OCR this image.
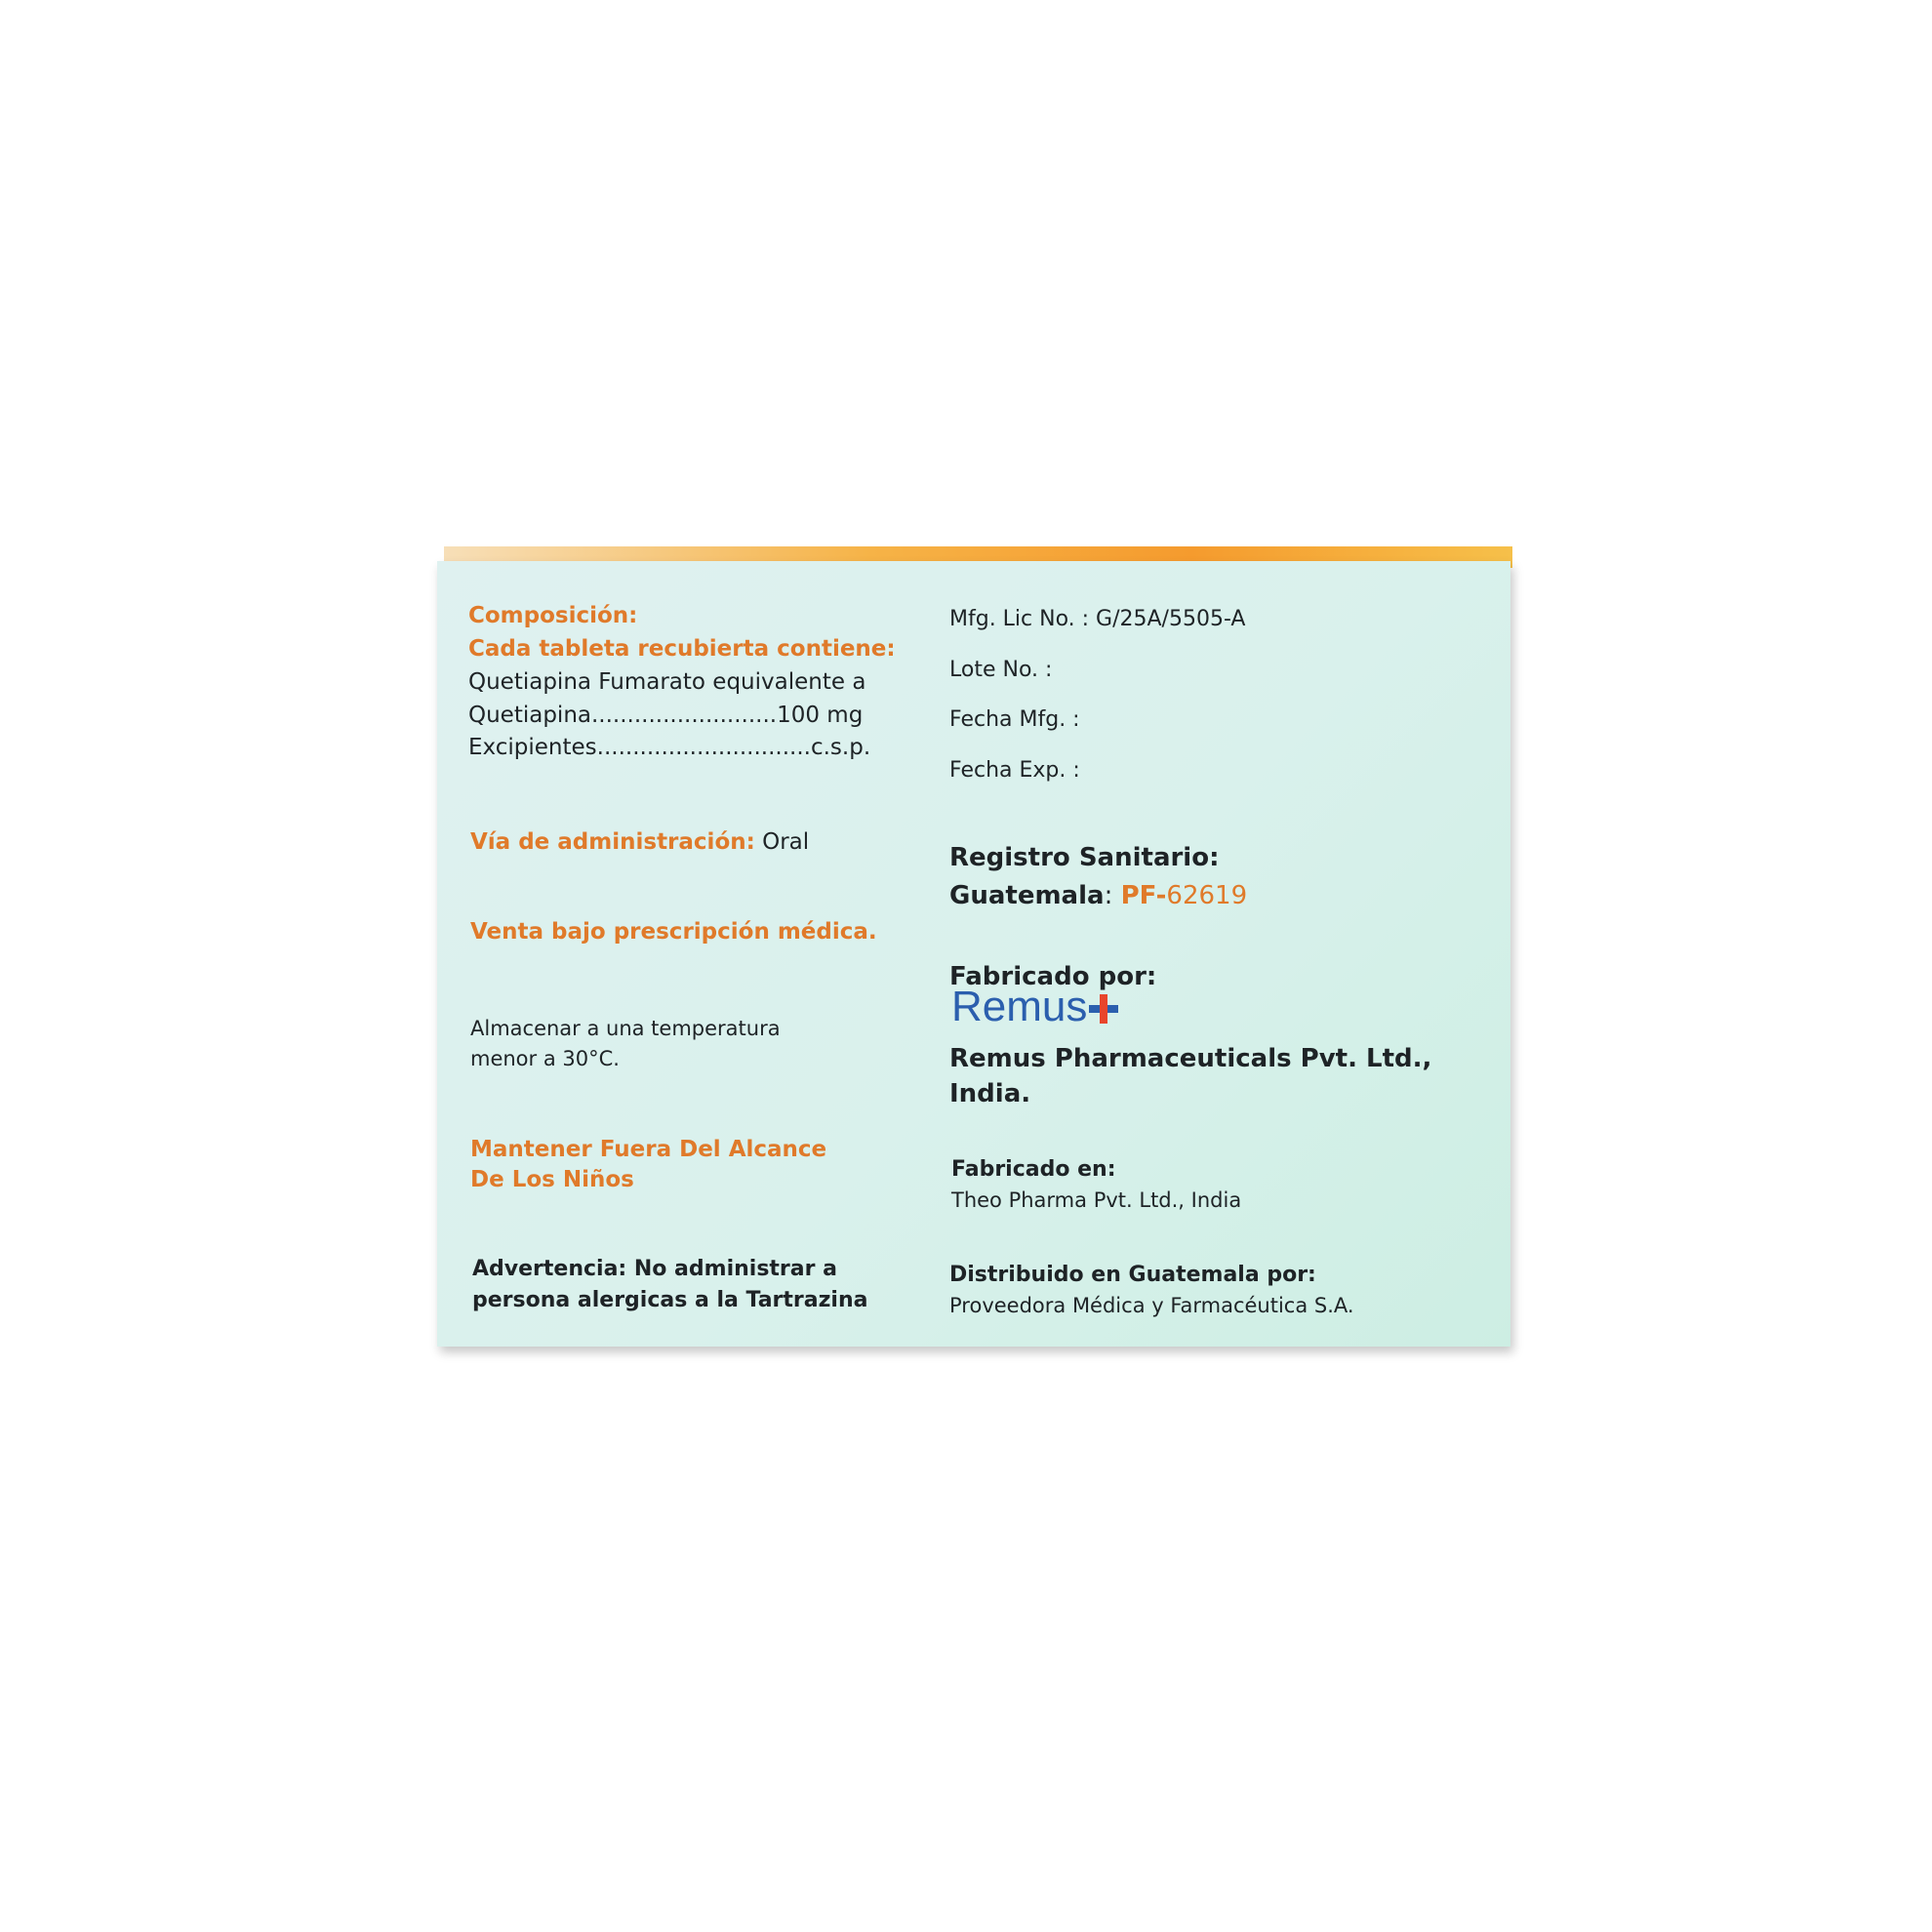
Composición:
Cada tableta recubierta contiene:
Quetiapina Fumarato equivalente a
Quetiapina..........................100 mg
Excipientes..............................c.s.p.
Vía de administración: Oral
Venta bajo prescripción médica.
Almacenar a una temperatura
menor a 30°C.
Mantener Fuera Del Alcance
De Los Niños
Advertencia: No administrar a
persona alergicas a la Tartrazina
Mfg. Lic No. : G/25A/5505-A
Lote No. :
Fecha Mfg. :
Fecha Exp. :
Registro Sanitario:
Guatemala: PF-62619
Fabricado por:
Remus
Remus Pharmaceuticals Pvt. Ltd.,
India.
Fabricado en:
Theo Pharma Pvt. Ltd., India
Distribuido en Guatemala por:
Proveedora Médica y Farmacéutica S.A.
